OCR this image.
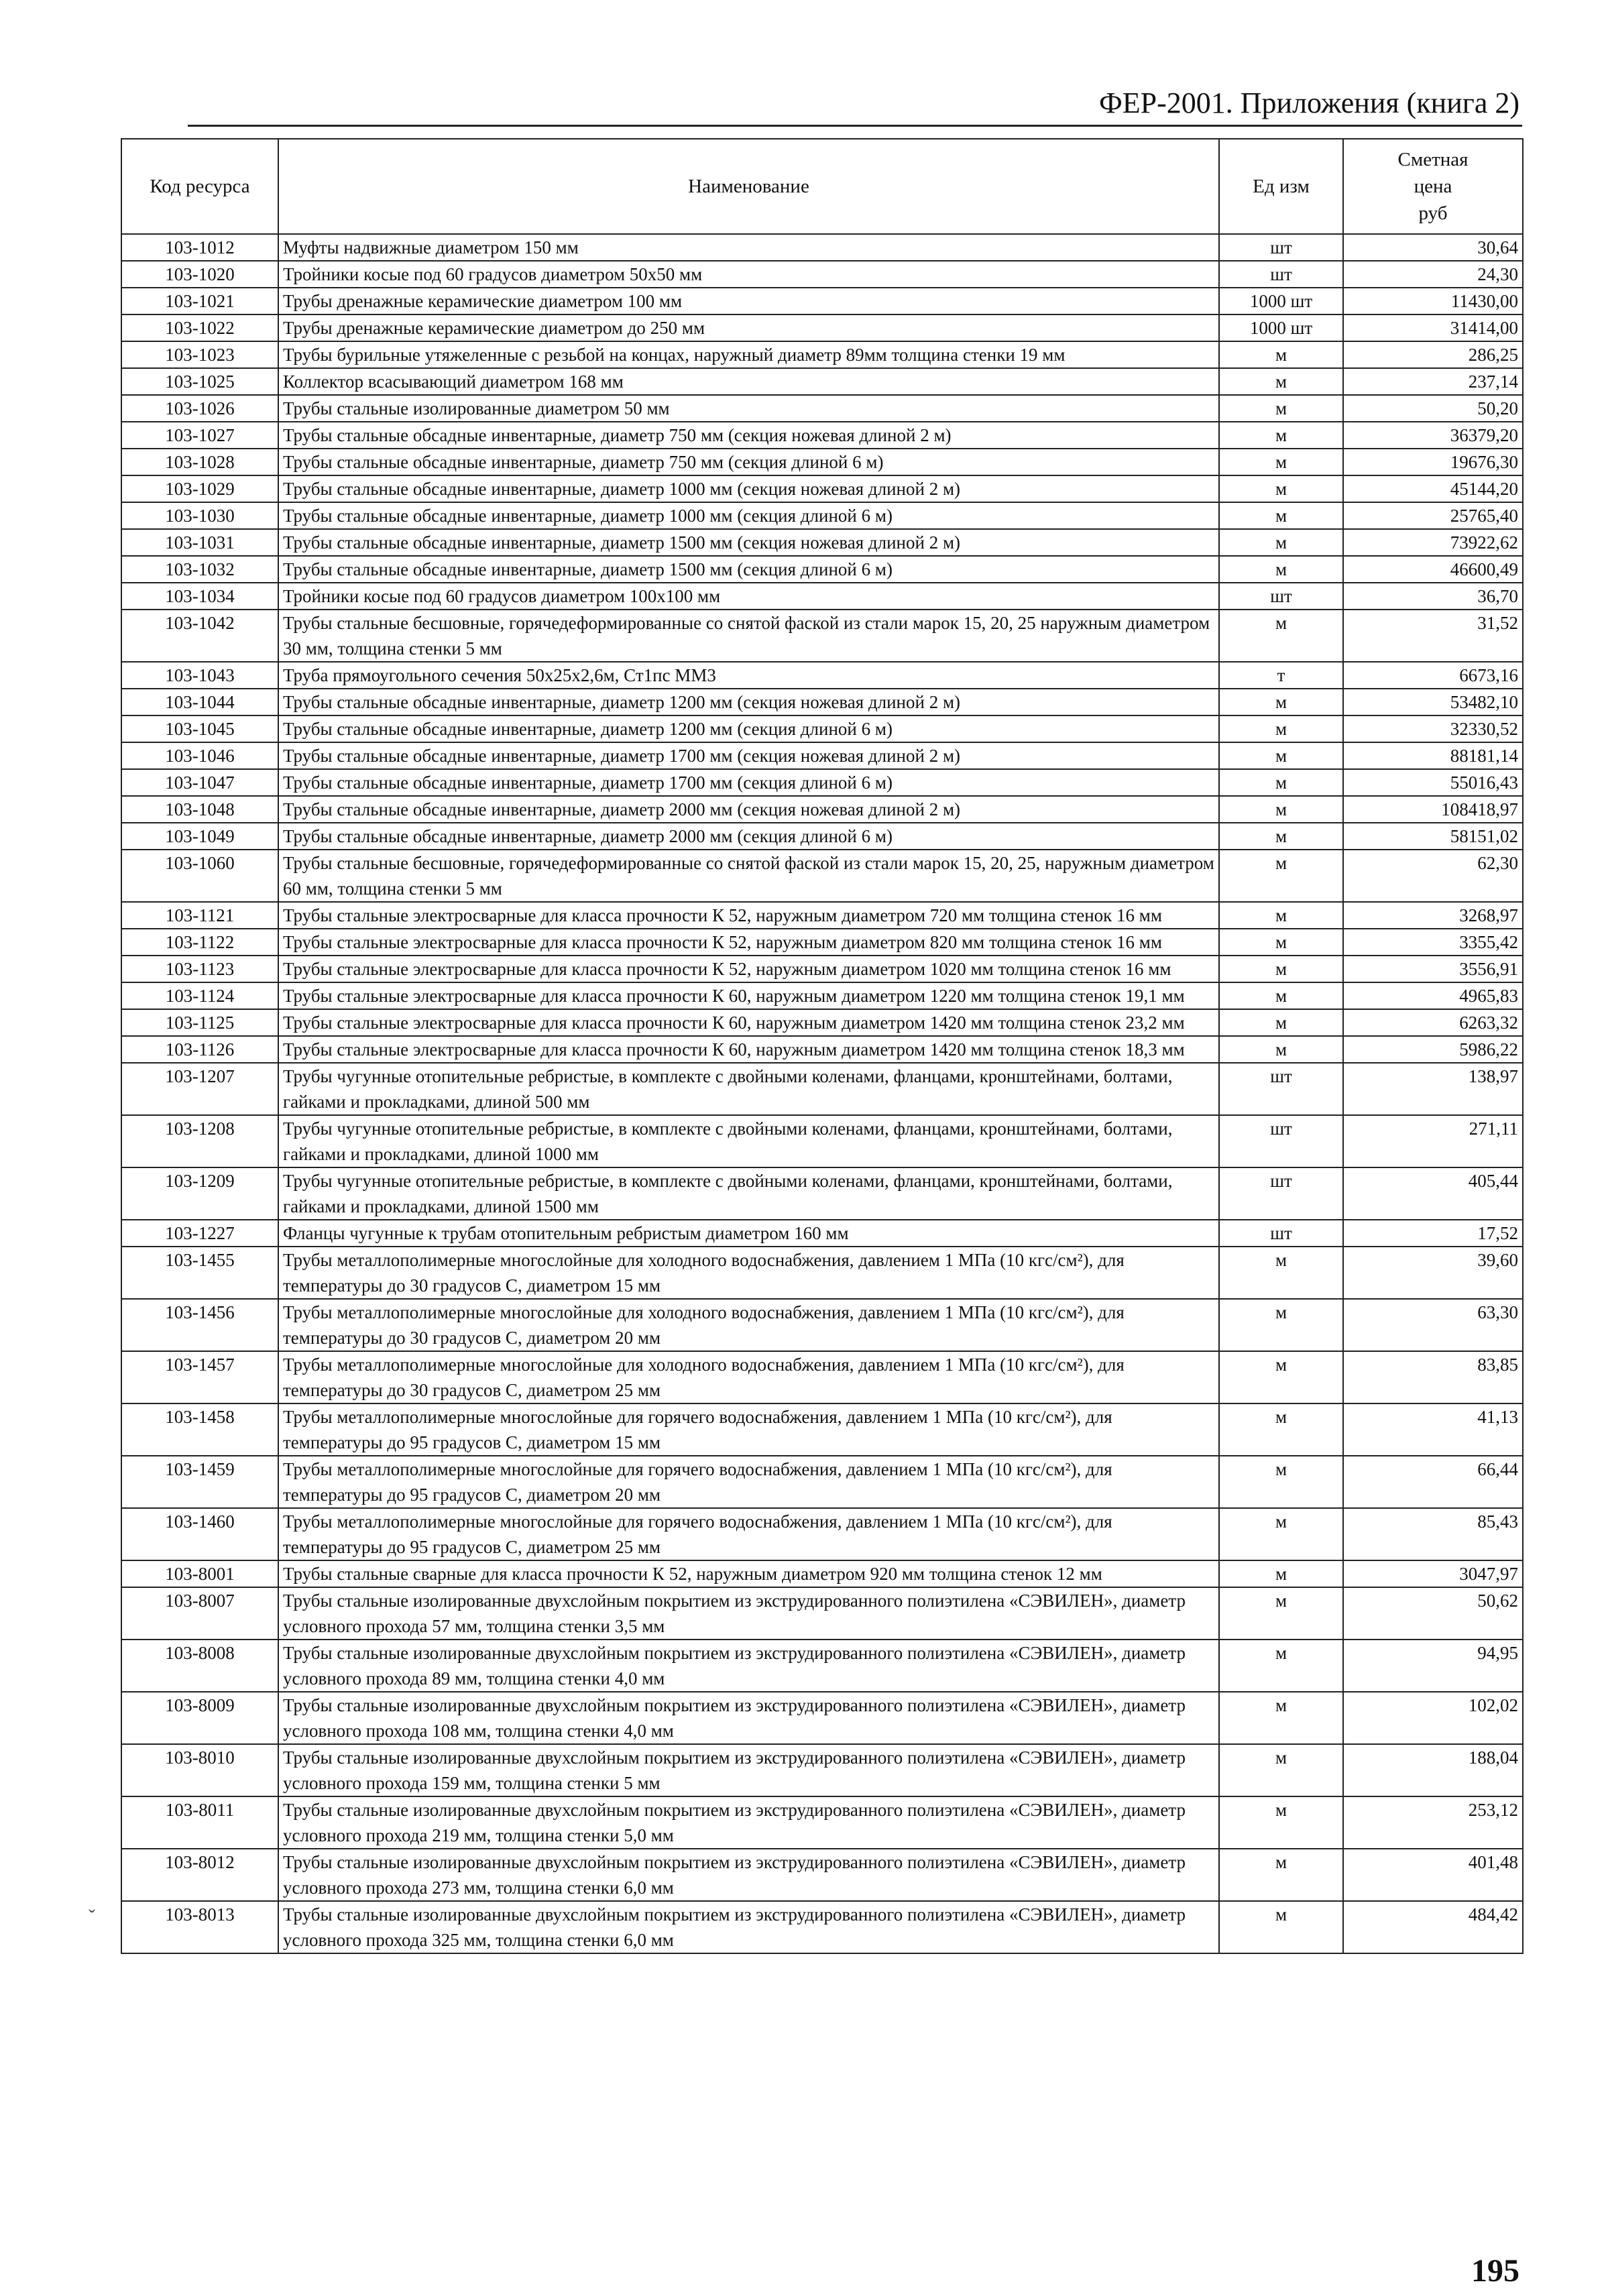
ФЕР-2001. Приложения (книга 2)
Код ресурса	Наименование	Ед изм	Сметная
цена
руб

103-1012	Муфты надвижные диаметром 150 мм	шт	30,64
103-1020	Тройники косые под 60 градусов диаметром 50х50 мм	шт	24,30
103-1021	Трубы дренажные керамические диаметром 100 мм	1000 шт	11430,00
103-1022	Трубы дренажные керамические диаметром до 250 мм	1000 шт	31414,00
103-1023	Трубы бурильные утяжеленные с резьбой на концах, наружный диаметр 89мм толщина стенки 19 мм	м	286,25
103-1025	Коллектор всасывающий диаметром 168 мм	м	237,14
103-1026	Трубы стальные изолированные диаметром 50 мм	м	50,20
103-1027	Трубы стальные обсадные инвентарные, диаметр 750 мм (секция ножевая длиной 2 м)	м	36379,20
103-1028	Трубы стальные обсадные инвентарные, диаметр 750 мм (секция длиной 6 м)	м	19676,30
103-1029	Трубы стальные обсадные инвентарные, диаметр 1000 мм (секция ножевая длиной 2 м)	м	45144,20
103-1030	Трубы стальные обсадные инвентарные, диаметр 1000 мм (секция длиной 6 м)	м	25765,40
103-1031	Трубы стальные обсадные инвентарные, диаметр 1500 мм (секция ножевая длиной 2 м)	м	73922,62
103-1032	Трубы стальные обсадные инвентарные, диаметр 1500 мм (секция длиной 6 м)	м	46600,49
103-1034	Тройники косые под 60 градусов диаметром 100х100 мм	шт	36,70
103-1042	Трубы стальные бесшовные, горячедеформированные со снятой фаской из стали марок 15, 20, 25 наружным диаметром 30 мм, толщина стенки 5 мм	м	31,52
103-1043	Труба прямоугольного сечения 50х25х2,6м, Ст1пс ММ3	т	6673,16
103-1044	Трубы стальные обсадные инвентарные, диаметр 1200 мм (секция ножевая длиной 2 м)	м	53482,10
103-1045	Трубы стальные обсадные инвентарные, диаметр 1200 мм (секция длиной 6 м)	м	32330,52
103-1046	Трубы стальные обсадные инвентарные, диаметр 1700 мм (секция ножевая длиной 2 м)	м	88181,14
103-1047	Трубы стальные обсадные инвентарные, диаметр 1700 мм (секция длиной 6 м)	м	55016,43
103-1048	Трубы стальные обсадные инвентарные, диаметр 2000 мм (секция ножевая длиной 2 м)	м	108418,97
103-1049	Трубы стальные обсадные инвентарные, диаметр 2000 мм (секция длиной 6 м)	м	58151,02
103-1060	Трубы стальные бесшовные, горячедеформированные со снятой фаской из стали марок 15, 20, 25, наружным диаметром 60 мм, толщина стенки 5 мм	м	62,30
103-1121	Трубы стальные электросварные для класса прочности К 52, наружным диаметром 720 мм толщина стенок 16 мм	м	3268,97
103-1122	Трубы стальные электросварные для класса прочности К 52, наружным диаметром 820 мм толщина стенок 16 мм	м	3355,42
103-1123	Трубы стальные электросварные для класса прочности К 52, наружным диаметром 1020 мм толщина стенок 16 мм	м	3556,91
103-1124	Трубы стальные электросварные для класса прочности К 60, наружным диаметром 1220 мм толщина стенок 19,1 мм	м	4965,83
103-1125	Трубы стальные электросварные для класса прочности К 60, наружным диаметром 1420 мм толщина стенок 23,2 мм	м	6263,32
103-1126	Трубы стальные электросварные для класса прочности К 60, наружным диаметром 1420 мм толщина стенок 18,3 мм	м	5986,22
103-1207	Трубы чугунные отопительные ребристые, в комплекте с двойными коленами, фланцами, кронштейнами, болтами, гайками и прокладками, длиной 500 мм	шт	138,97
103-1208	Трубы чугунные отопительные ребристые, в комплекте с двойными коленами, фланцами, кронштейнами, болтами, гайками и прокладками, длиной 1000 мм	шт	271,11
103-1209	Трубы чугунные отопительные ребристые, в комплекте с двойными коленами, фланцами, кронштейнами, болтами, гайками и прокладками, длиной 1500 мм	шт	405,44
103-1227	Фланцы чугунные к трубам отопительным ребристым диаметром 160 мм	шт	17,52
103-1455	Трубы металлополимерные многослойные для холодного водоснабжения, давлением 1 МПа (10 кгс/см²), для температуры до 30 градусов С, диаметром 15 мм	м	39,60
103-1456	Трубы металлополимерные многослойные для холодного водоснабжения, давлением 1 МПа (10 кгс/см²), для температуры до 30 градусов С, диаметром 20 мм	м	63,30
103-1457	Трубы металлополимерные многослойные для холодного водоснабжения, давлением 1 МПа (10 кгс/см²), для температуры до 30 градусов С, диаметром 25 мм	м	83,85
103-1458	Трубы металлополимерные многослойные для горячего водоснабжения, давлением 1 МПа (10 кгс/см²), для температуры до 95 градусов С, диаметром 15 мм	м	41,13
103-1459	Трубы металлополимерные многослойные для горячего водоснабжения, давлением 1 МПа (10 кгс/см²), для температуры до 95 градусов С, диаметром 20 мм	м	66,44
103-1460	Трубы металлополимерные многослойные для горячего водоснабжения, давлением 1 МПа (10 кгс/см²), для температуры до 95 градусов С, диаметром 25 мм	м	85,43
103-8001	Трубы стальные сварные для класса прочности К 52, наружным диаметром 920 мм толщина стенок 12 мм	м	3047,97
103-8007	Трубы стальные изолированные двухслойным покрытием из экструдированного полиэтилена «СЭВИЛЕН», диаметр условного прохода 57 мм, толщина стенки 3,5 мм	м	50,62
103-8008	Трубы стальные изолированные двухслойным покрытием из экструдированного полиэтилена «СЭВИЛЕН», диаметр условного прохода 89 мм, толщина стенки 4,0 мм	м	94,95
103-8009	Трубы стальные изолированные двухслойным покрытием из экструдированного полиэтилена «СЭВИЛЕН», диаметр условного прохода 108 мм, толщина стенки 4,0 мм	м	102,02
103-8010	Трубы стальные изолированные двухслойным покрытием из экструдированного полиэтилена «СЭВИЛЕН», диаметр условного прохода 159 мм, толщина стенки 5 мм	м	188,04
103-8011	Трубы стальные изолированные двухслойным покрытием из экструдированного полиэтилена «СЭВИЛЕН», диаметр условного прохода 219 мм, толщина стенки 5,0 мм	м	253,12
103-8012	Трубы стальные изолированные двухслойным покрытием из экструдированного полиэтилена «СЭВИЛЕН», диаметр условного прохода 273 мм, толщина стенки 6,0 мм	м	401,48
103-8013	Трубы стальные изолированные двухслойным покрытием из экструдированного полиэтилена «СЭВИЛЕН», диаметр условного прохода 325 мм, толщина стенки 6,0 мм	м	484,42
ˇ
195
